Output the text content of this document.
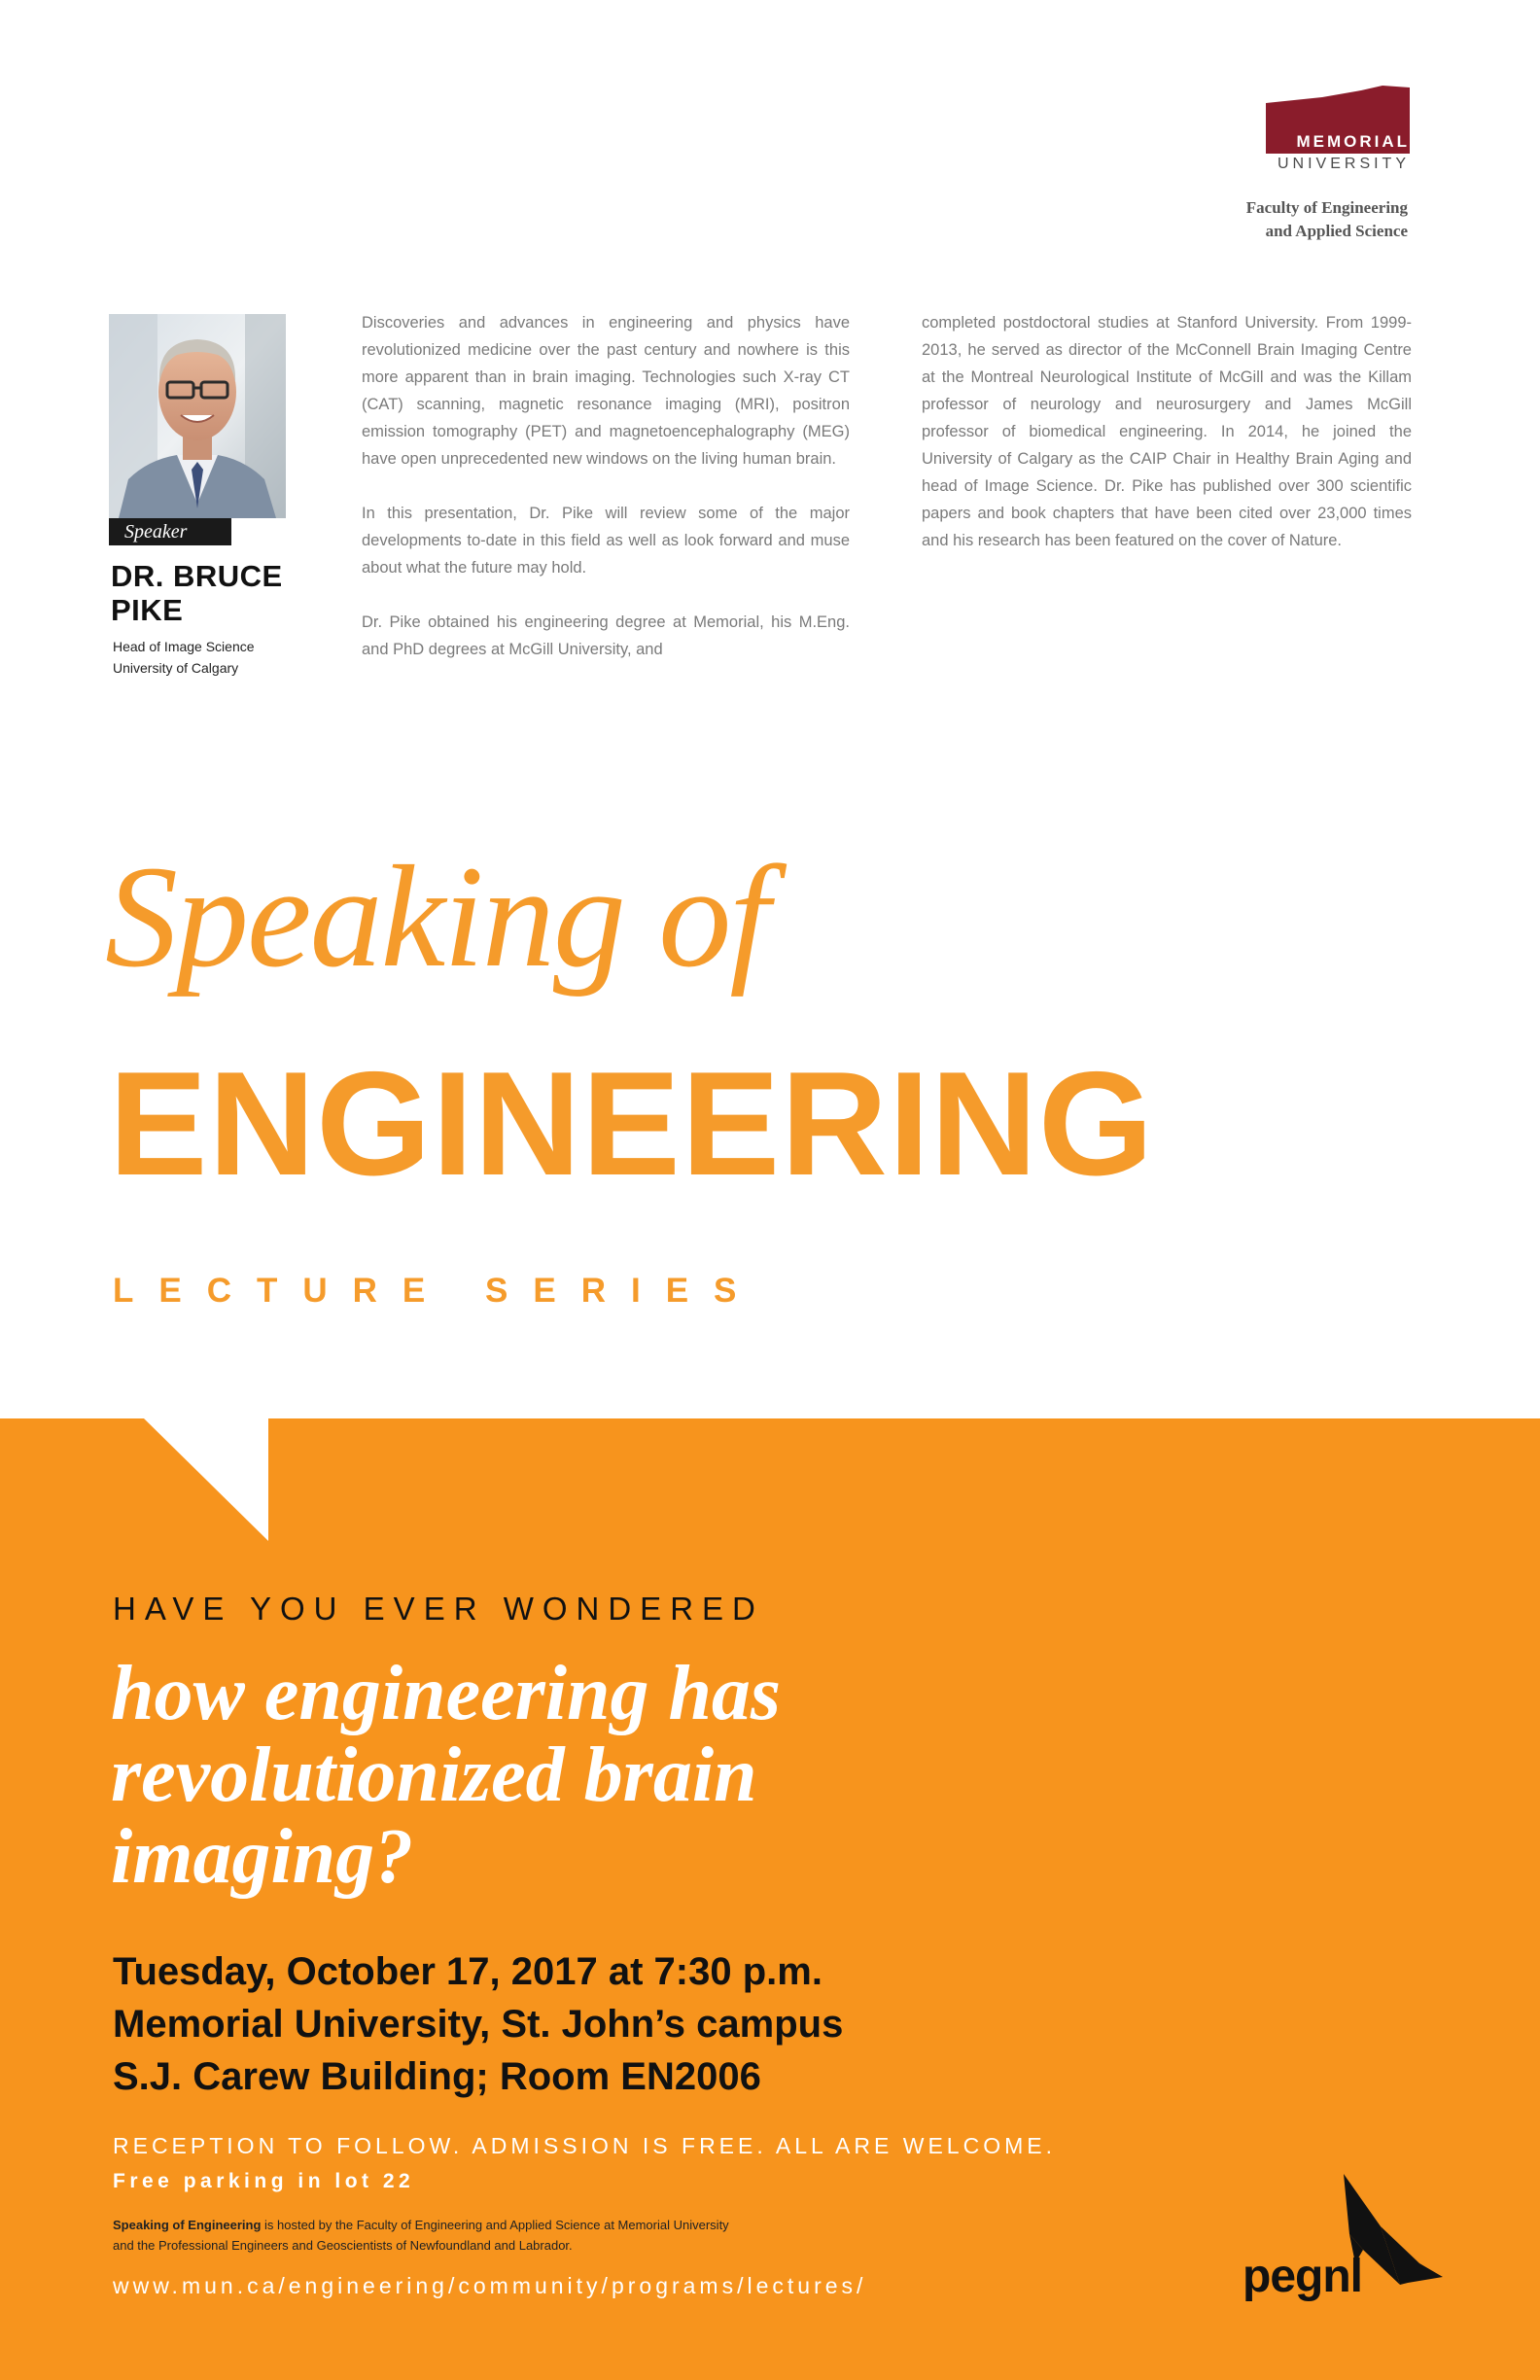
MEMORIAL
UNIVERSITY
Faculty of Engineering
and Applied Science
Speaker
DR. BRUCE
PIKE
Head of Image Science
University of Calgary

Discoveries and advances in engineering and physics have revolutionized medicine over the past century and nowhere is this more apparent than in brain imaging. Technologies such X-ray CT (CAT) scanning, magnetic resonance imaging (MRI), positron emission tomography (PET) and magnetoencephalography (MEG) have open unprecedented new windows on the living human brain.

In this presentation, Dr. Pike will review some of the major developments to-date in this field as well as look forward and muse about what the future may hold.

Dr. Pike obtained his engineering degree at Memorial, his M.Eng. and PhD degrees at McGill University, and

completed postdoctoral studies at Stanford University. From 1999-2013, he served as director of the McConnell Brain Imaging Centre at the Montreal Neurological Institute of McGill and was the Killam professor of neurology and neurosurgery and James McGill professor of biomedical engineering. In 2014, he joined the University of Calgary as the CAIP Chair in Healthy Brain Aging and head of Image Science. Dr. Pike has published over 300 scientific papers and book chapters that have been cited over 23,000 times and his research has been featured on the cover of Nature.

Speaking of
ENGINEERING
LECTURE SERIES
HAVE YOU EVER WONDERED
how engineering has
revolutionized brain
imaging?
Tuesday, October 17, 2017 at 7:30 p.m.
Memorial University, St. John’s campus
S.J. Carew Building; Room EN2006
RECEPTION TO FOLLOW. ADMISSION IS FREE. ALL ARE WELCOME.
Free parking in lot 22
Speaking of Engineering is hosted by the Faculty of Engineering and Applied Science at Memorial University
and the Professional Engineers and Geoscientists of Newfoundland and Labrador.
www.mun.ca/engineering/community/programs/lectures/	pegnl
